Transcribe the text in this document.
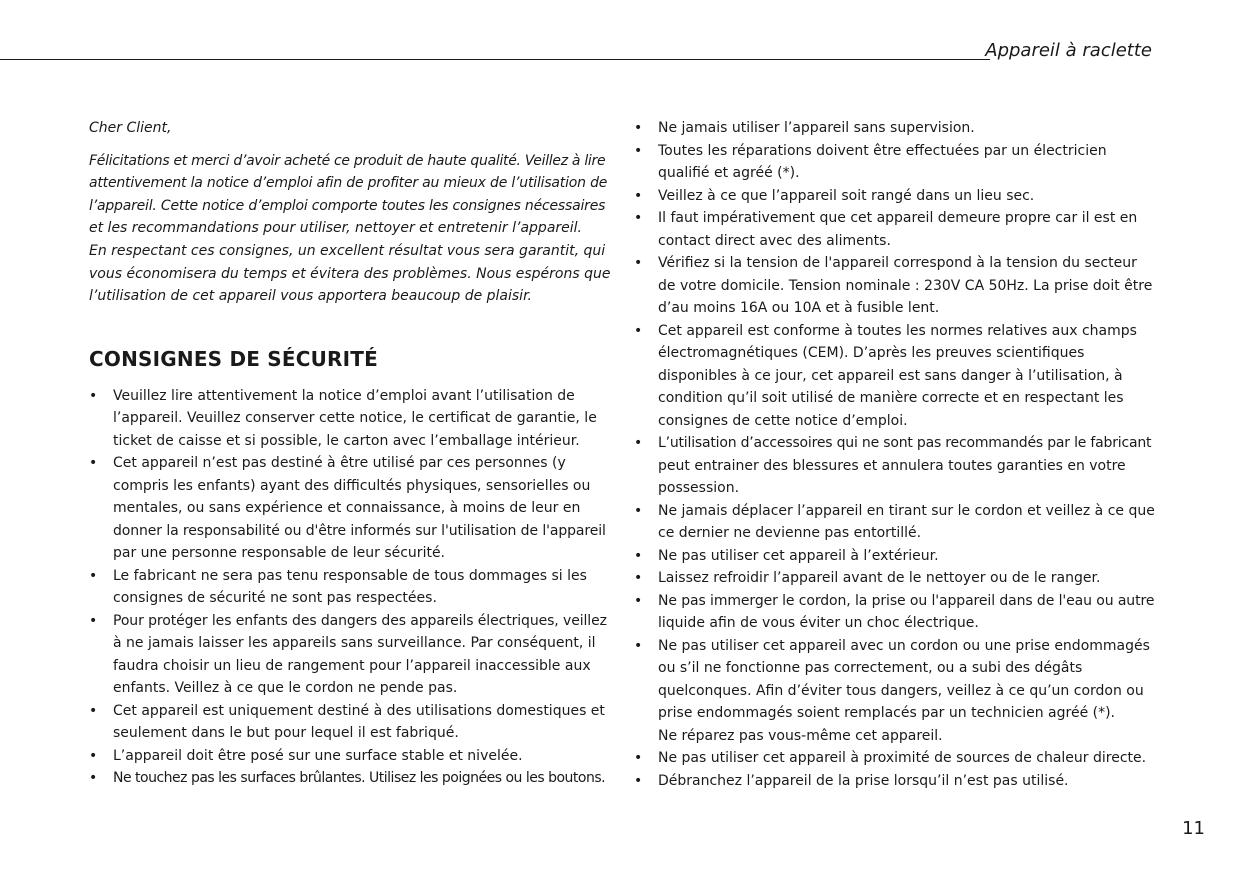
Appareil à raclette

Cher Client,

Félicitations et merci d’avoir acheté ce produit de haute qualité. Veillez à lire
attentivement la notice d’emploi afin de profiter au mieux de l’utilisation de
l’appareil. Cette notice d’emploi comporte toutes les consignes nécessaires
et les recommandations pour utiliser, nettoyer et entretenir l’appareil.
En respectant ces consignes, un excellent résultat vous sera garantit, qui
vous économisera du temps et évitera des problèmes. Nous espérons que
l’utilisation de cet appareil vous apportera beaucoup de plaisir.

CONSIGNES DE SÉCURITÉ
•	Veuillez lire attentivement la notice d’emploi avant l’utilisation de
l’appareil. Veuillez conserver cette notice, le certificat de garantie, le
ticket de caisse et si possible, le carton avec l’emballage intérieur.
•	Cet appareil n’est pas destiné à être utilisé par ces personnes (y
compris les enfants) ayant des difficultés physiques, sensorielles ou
mentales, ou sans expérience et connaissance, à moins de leur en
donner la responsabilité ou d'être informés sur l'utilisation de l'appareil
par une personne responsable de leur sécurité.
•	Le fabricant ne sera pas tenu responsable de tous dommages si les
consignes de sécurité ne sont pas respectées.
•	Pour protéger les enfants des dangers des appareils électriques, veillez
à ne jamais laisser les appareils sans surveillance. Par conséquent, il
faudra choisir un lieu de rangement pour l’appareil inaccessible aux
enfants. Veillez à ce que le cordon ne pende pas.
•	Cet appareil est uniquement destiné à des utilisations domestiques et
seulement dans le but pour lequel il est fabriqué.
•	L’appareil doit être posé sur une surface stable et nivelée.
•	Ne touchez pas les surfaces brûlantes. Utilisez les poignées ou les boutons.
•	Ne jamais utiliser l’appareil sans supervision.
•	Toutes les réparations doivent être effectuées par un électricien
qualifié et agréé (*).
•	Veillez à ce que l’appareil soit rangé dans un lieu sec.
•	Il faut impérativement que cet appareil demeure propre car il est en
contact direct avec des aliments.
•	Vérifiez si la tension de l'appareil correspond à la tension du secteur
de votre domicile. Tension nominale : 230V CA 50Hz. La prise doit être
d’au moins 16A ou 10A et à fusible lent.
•	Cet appareil est conforme à toutes les normes relatives aux champs
électromagnétiques (CEM). D’après les preuves scientifiques
disponibles à ce jour, cet appareil est sans danger à l’utilisation, à
condition qu’il soit utilisé de manière correcte et en respectant les
consignes de cette notice d’emploi.
•	L’utilisation d’accessoires qui ne sont pas recommandés par le fabricant
peut entrainer des blessures et annulera toutes garanties en votre
possession.
•	Ne jamais déplacer l’appareil en tirant sur le cordon et veillez à ce que
ce dernier ne devienne pas entortillé.
•	Ne pas utiliser cet appareil à l’extérieur.
•	Laissez refroidir l’appareil avant de le nettoyer ou de le ranger.
•	Ne pas immerger le cordon, la prise ou l'appareil dans de l'eau ou autre
liquide afin de vous éviter un choc électrique.
•	Ne pas utiliser cet appareil avec un cordon ou une prise endommagés
ou s’il ne fonctionne pas correctement, ou a subi des dégâts
quelconques. Afin d’éviter tous dangers, veillez à ce qu’un cordon ou
prise endommagés soient remplacés par un technicien agréé (*).
Ne réparez pas vous-même cet appareil.
•	Ne pas utiliser cet appareil à proximité de sources de chaleur directe.
•	Débranchez l’appareil de la prise lorsqu’il n’est pas utilisé.
11
